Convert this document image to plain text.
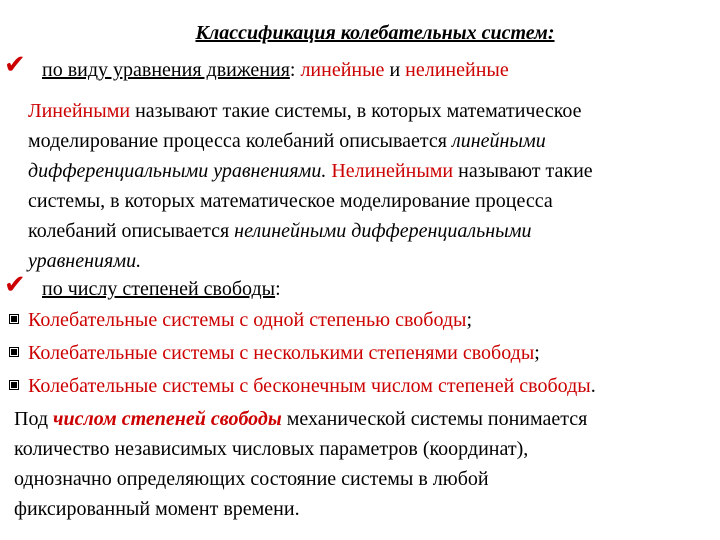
Классификация колебательных систем:
✔ по виду уравнения движения: линейные и нелинейные
Линейными называют такие системы, в которых математическое
моделирование процесса колебаний описывается линейными
дифференциальными уравнениями. Нелинейными называют такие
системы, в которых математическое моделирование процесса
колебаний описывается нелинейными дифференциальными
уравнениями.
✔ по числу степеней свободы:
Колебательные системы с одной степенью свободы;
Колебательные системы с несколькими степенями свободы;
Колебательные системы с бесконечным числом степеней свободы.
Под числом степеней свободы механической системы понимается
количество независимых числовых параметров (координат),
однозначно определяющих состояние системы в любой
фиксированный момент времени.
